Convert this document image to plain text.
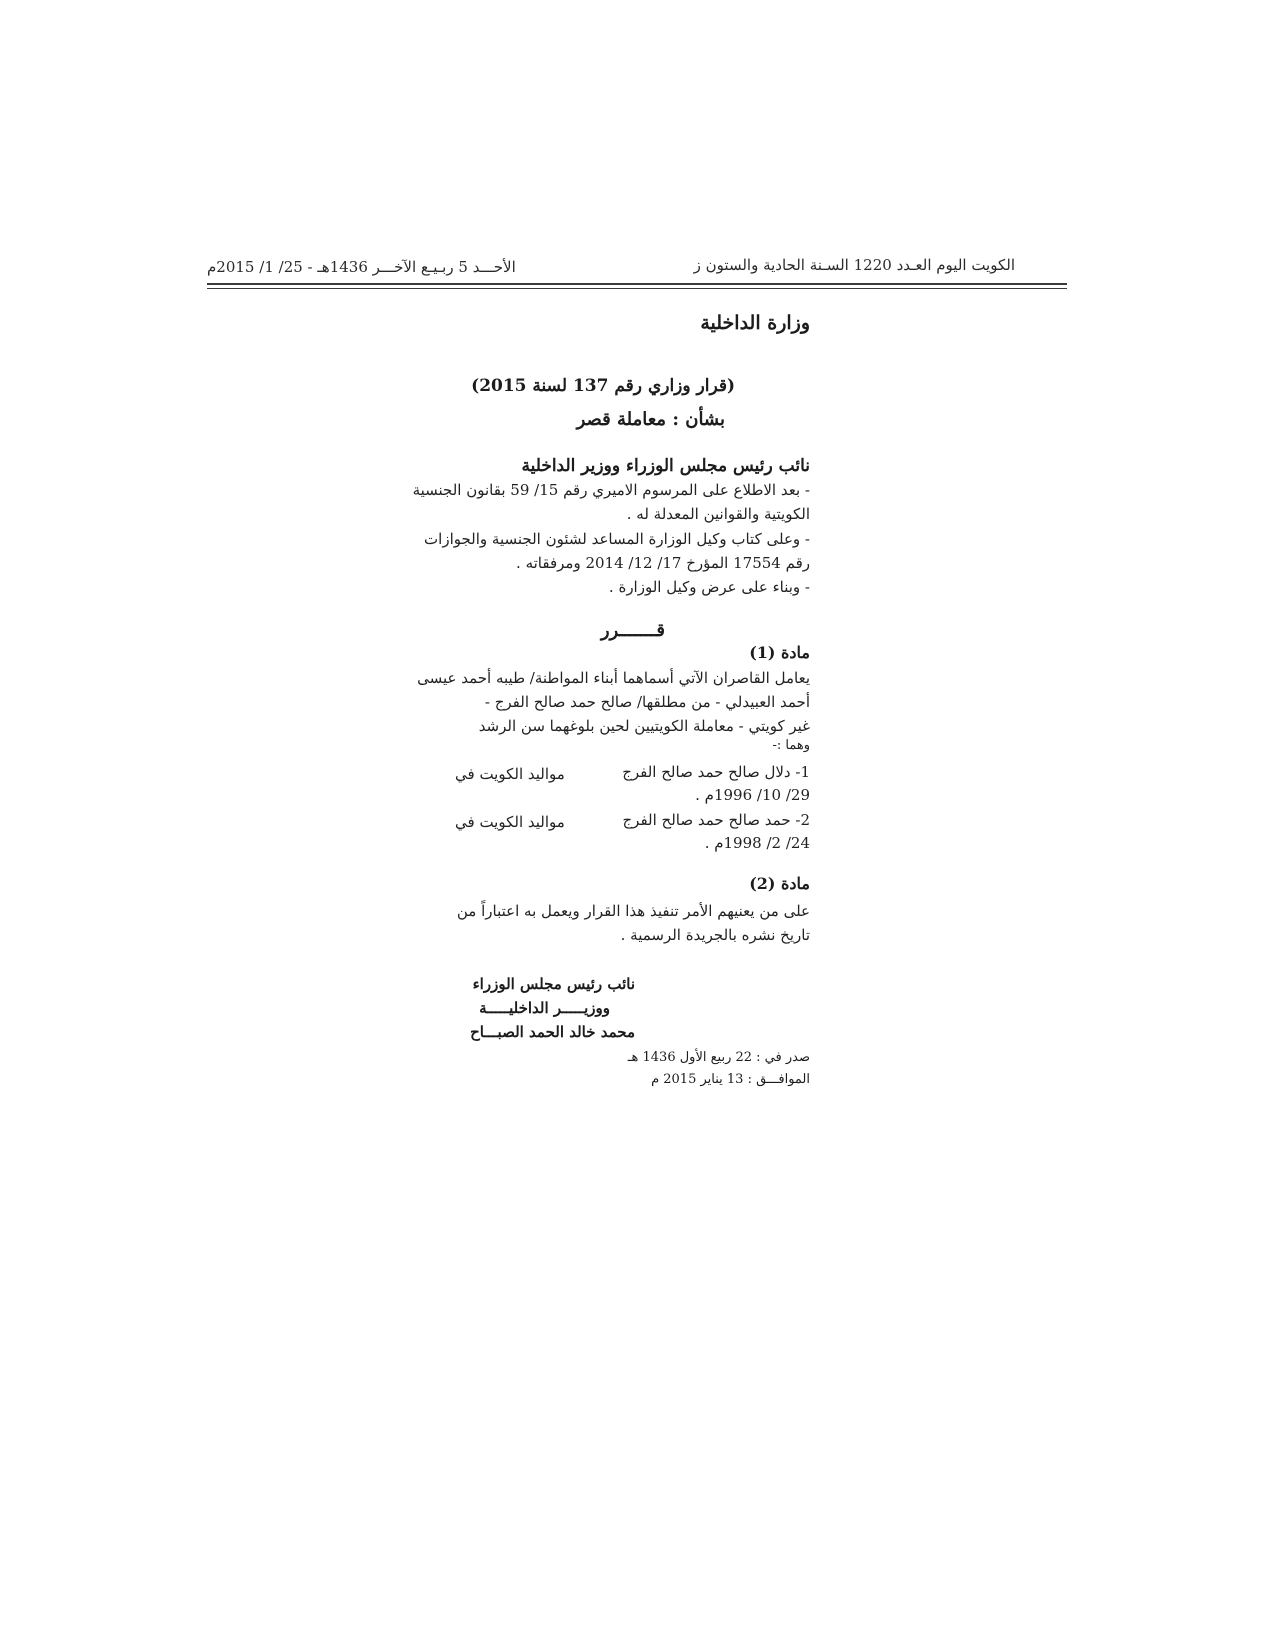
الكويت اليوم العـدد 1220 السـنة الحادية والستون ز
الأحـــد 5 ربـيـع الآخـــر 1436هـ - 25/ 1/ 2015م
وزارة الداخلية
(قرار وزاري رقم 137 لسنة 2015)
بشأن : معاملة قصر
نائب رئيس مجلس الوزراء ووزير الداخلية
- بعد الاطلاع على المرسوم الاميري رقم 15/ 59 بقانون الجنسية
الكويتية والقوانين المعدلة له .
- وعلى كتاب وكيل الوزارة المساعد لشئون الجنسية والجوازات
رقم 17554 المؤرخ 17/ 12/ 2014 ومرفقاته .
- وبناء على عرض وكيل الوزارة .
قـــــــرر
مادة (1)
يعامل القاصران الآتي أسماهما أبناء المواطنة/ طيبه أحمد عيسى
أحمد العبيدلي - من مطلقها/ صالح حمد صالح الفرج -
غير كويتي - معاملة الكويتيين لحين بلوغهما سن الرشد
وهما :-
1- دلال صالح حمد صالح الفرج
مواليد الكويت في
29/ 10/ 1996م .
2- حمد صالح حمد صالح الفرج
مواليد الكويت في
24/ 2/ 1998م .
مادة (2)
على من يعنيهم الأمر تنفيذ هذا القرار ويعمل به اعتباراً من
تاريخ نشره بالجريدة الرسمية .
نائب رئيس مجلس الوزراء
ووزيـــــر الداخليـــــة
محمد خالد الحمد الصبـــاح
صدر في : 22 ربيع الأول 1436 هـ
الموافـــق : 13 يناير 2015 م
